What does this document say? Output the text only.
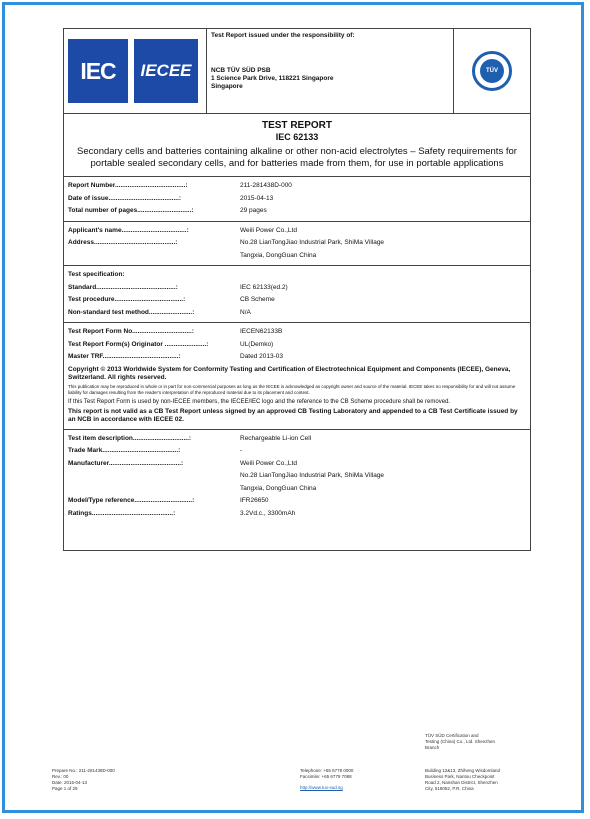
IEC	IECEE
Test Report issued under the responsibility of:
NCB TÜV SÜD PSB
1 Science Park Drive, 118221 Singapore
Singapore
TÜV
TEST REPORT
IEC 62133
Secondary cells and batteries containing alkaline or other non-acid electrolytes – Safety requirements for portable sealed secondary cells, and for batteries made from them, for use in portable applications
Report Number.......................................:	211-281438D-000
Date of issue.......................................:	2015-04-13
Total number of pages..............................:	29 pages
Applicant's name....................................:	Weili Power Co.,Ltd
Address.............................................:	No.28 LianTongJiao Industrial Park, ShiMa Village
Tangxia, DongGuan China
Test specification:
Standard............................................:	IEC 62133(ed.2)
Test procedure......................................:	CB Scheme
Non-standard test method........................:	N/A
Test Report Form No.................................:	IECEN62133B
Test Report Form(s) Originator .......................:	UL(Demko)
Master TRF..........................................:	Dated 2013-03
Copyright © 2013 Worldwide System for Conformity Testing and Certification of Electrotechnical Equipment and Components (IECEE), Geneva, Switzerland. All rights reserved.
This publication may be reproduced in whole or in part for non-commercial purposes as long as the IECEE is acknowledged as copyright owner and source of the material. IECEE takes no responsibility for and will not assume liability for damages resulting from the reader's interpretation of the reproduced material due to its placement and context.
If this Test Report Form is used by non-IECEE members, the IECEE/IEC logo and the reference to the CB Scheme procedure shall be removed.
This report is not valid as a CB Test Report unless signed by an approved CB Testing Laboratory and appended to a CB Test Certificate issued by an NCB in accordance with IECEE 02.
Test item description...............................:	Rechargeable Li-ion Cell
Trade Mark..........................................:	-
Manufacturer........................................:	Weili Power Co.,Ltd
No.28 LianTongJiao Industrial Park, ShiMa Village
Tangxia, DongGuan China
Model/Type reference................................:	IFR26650
Ratings.............................................:	3.2Vd.c., 3300mAh
Prepare No.: 211-281438D-000
Rev.: 00
Date: 2015-04-13
Page 1 of 29
Telephone: +65 6778 0000
Facsimile: +65 6779 7088
http://www.tuv-sud.sg
TÜV SÜD Certification and
Testing (China) Co., Ltd. Shenzhen
Branch
Building 12&13, Zhiheng Wisdomland
Business Park, Nantou Checkpoint
Road 2, Nanshan District, Shenzhen
City, 518052, P.R. China
